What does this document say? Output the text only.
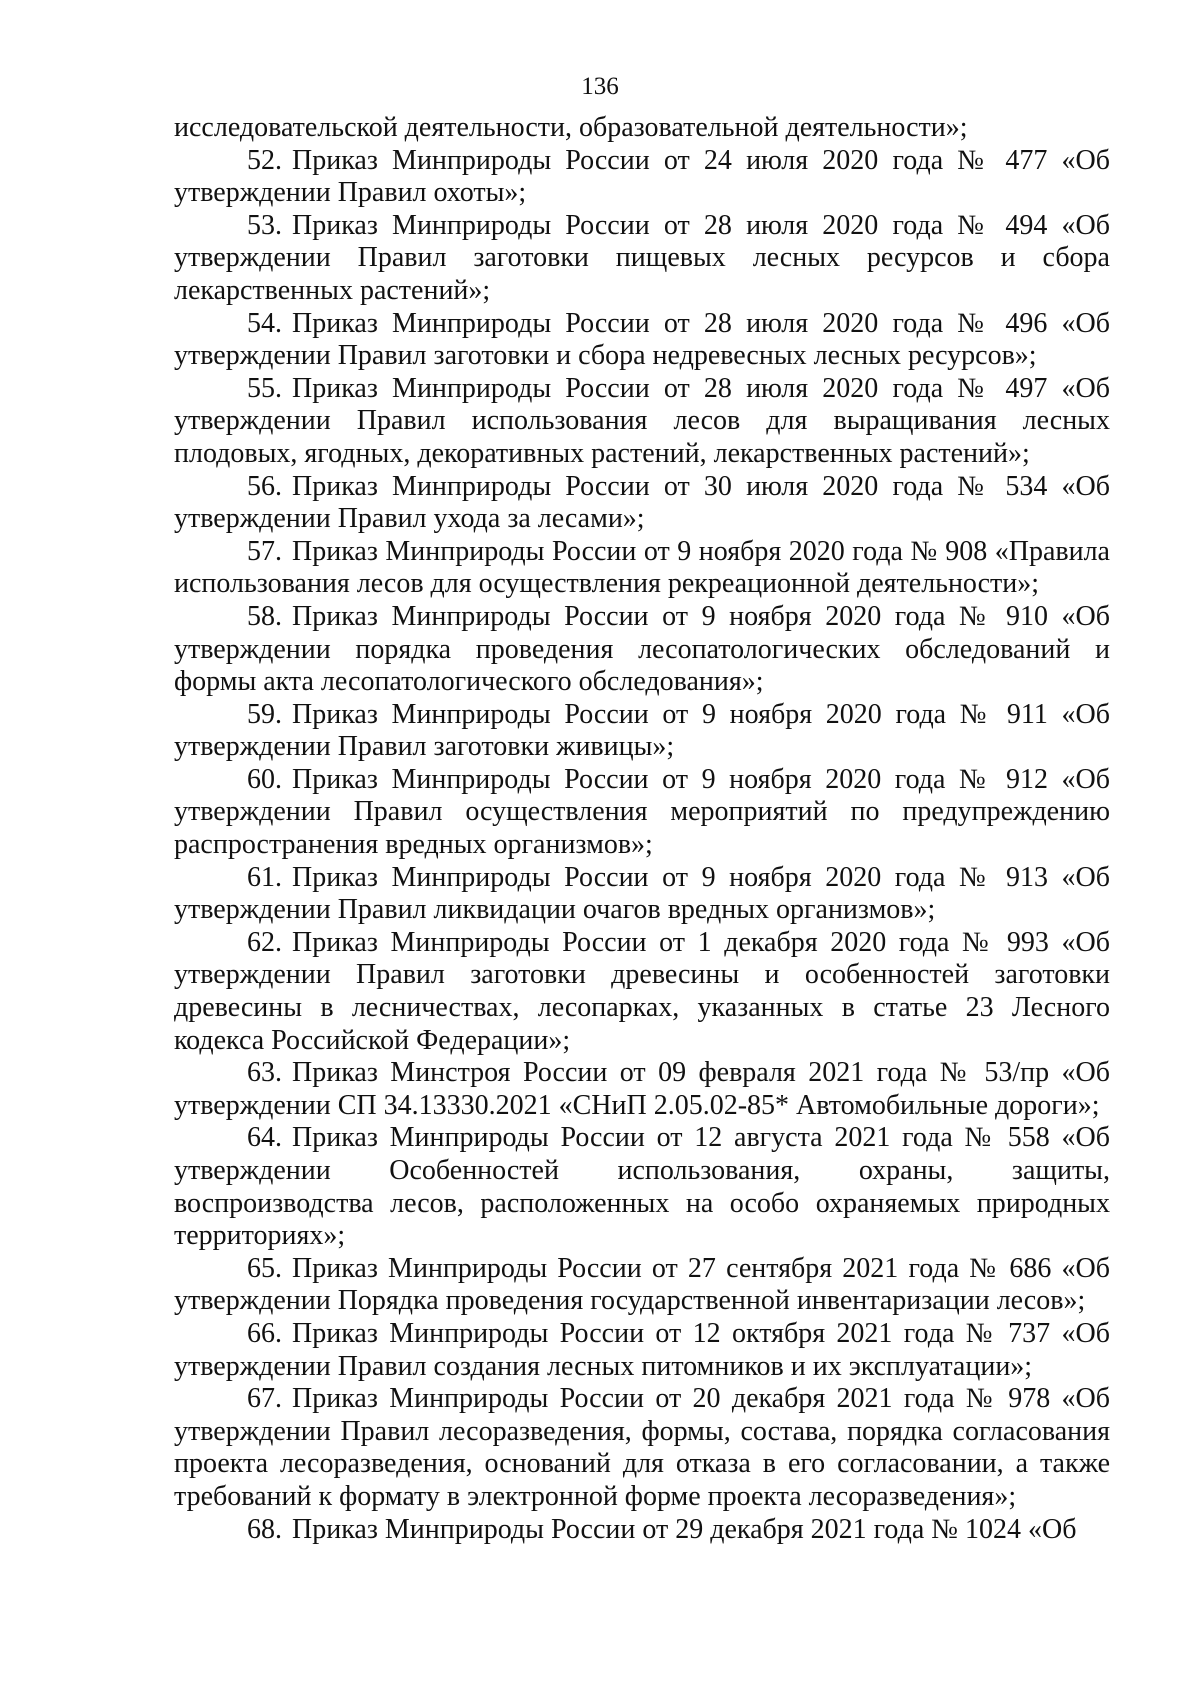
136

исследовательской деятельности, образовательной деятельности»;

52. Приказ Минприроды России от 24 июля 2020 года № 477 «Об утверждении Правил охоты»;

53. Приказ Минприроды России от 28 июля 2020 года № 494 «Об утверждении Правил заготовки пищевых лесных ресурсов и сбора лекарственных растений»;

54. Приказ Минприроды России от 28 июля 2020 года № 496 «Об утверждении Правил заготовки и сбора недревесных лесных ресурсов»;

55. Приказ Минприроды России от 28 июля 2020 года № 497 «Об утверждении Правил использования лесов для выращивания лесных плодовых, ягодных, декоративных растений, лекарственных растений»;

56. Приказ Минприроды России от 30 июля 2020 года № 534 «Об утверждении Правил ухода за лесами»;

57. Приказ Минприроды России от 9 ноября 2020 года № 908 «Правила использования лесов для осуществления рекреационной деятельности»;

58. Приказ Минприроды России от 9 ноября 2020 года № 910 «Об утверждении порядка проведения лесопатологических обследований и формы акта лесопатологического обследования»;

59. Приказ Минприроды России от 9 ноября 2020 года № 911 «Об утверждении Правил заготовки живицы»;

60. Приказ Минприроды России от 9 ноября 2020 года № 912 «Об утверждении Правил осуществления мероприятий по предупреждению распространения вредных организмов»;

61. Приказ Минприроды России от 9 ноября 2020 года № 913 «Об утверждении Правил ликвидации очагов вредных организмов»;

62. Приказ Минприроды России от 1 декабря 2020 года № 993 «Об утверждении Правил заготовки древесины и особенностей заготовки древесины в лесничествах, лесопарках, указанных в статье 23 Лесного кодекса Российской Федерации»;

63. Приказ Минстроя России от 09 февраля 2021 года № 53/пр «Об утверждении СП 34.13330.2021 «СНиП 2.05.02-85* Автомобильные дороги»;

64. Приказ Минприроды России от 12 августа 2021 года № 558 «Об утверждении Особенностей использования, охраны, защиты, воспроизводства лесов, расположенных на особо охраняемых природных территориях»;

65. Приказ Минприроды России от 27 сентября 2021 года № 686 «Об утверждении Порядка проведения государственной инвентаризации лесов»;

66. Приказ Минприроды России от 12 октября 2021 года № 737 «Об утверждении Правил создания лесных питомников и их эксплуатации»;

67. Приказ Минприроды России от 20 декабря 2021 года № 978 «Об утверждении Правил лесоразведения, формы, состава, порядка согласования проекта лесоразведения, оснований для отказа в его согласовании, а также требований к формату в электронной форме проекта лесоразведения»;

68. Приказ Минприроды России от 29 декабря 2021 года № 1024 «Об
